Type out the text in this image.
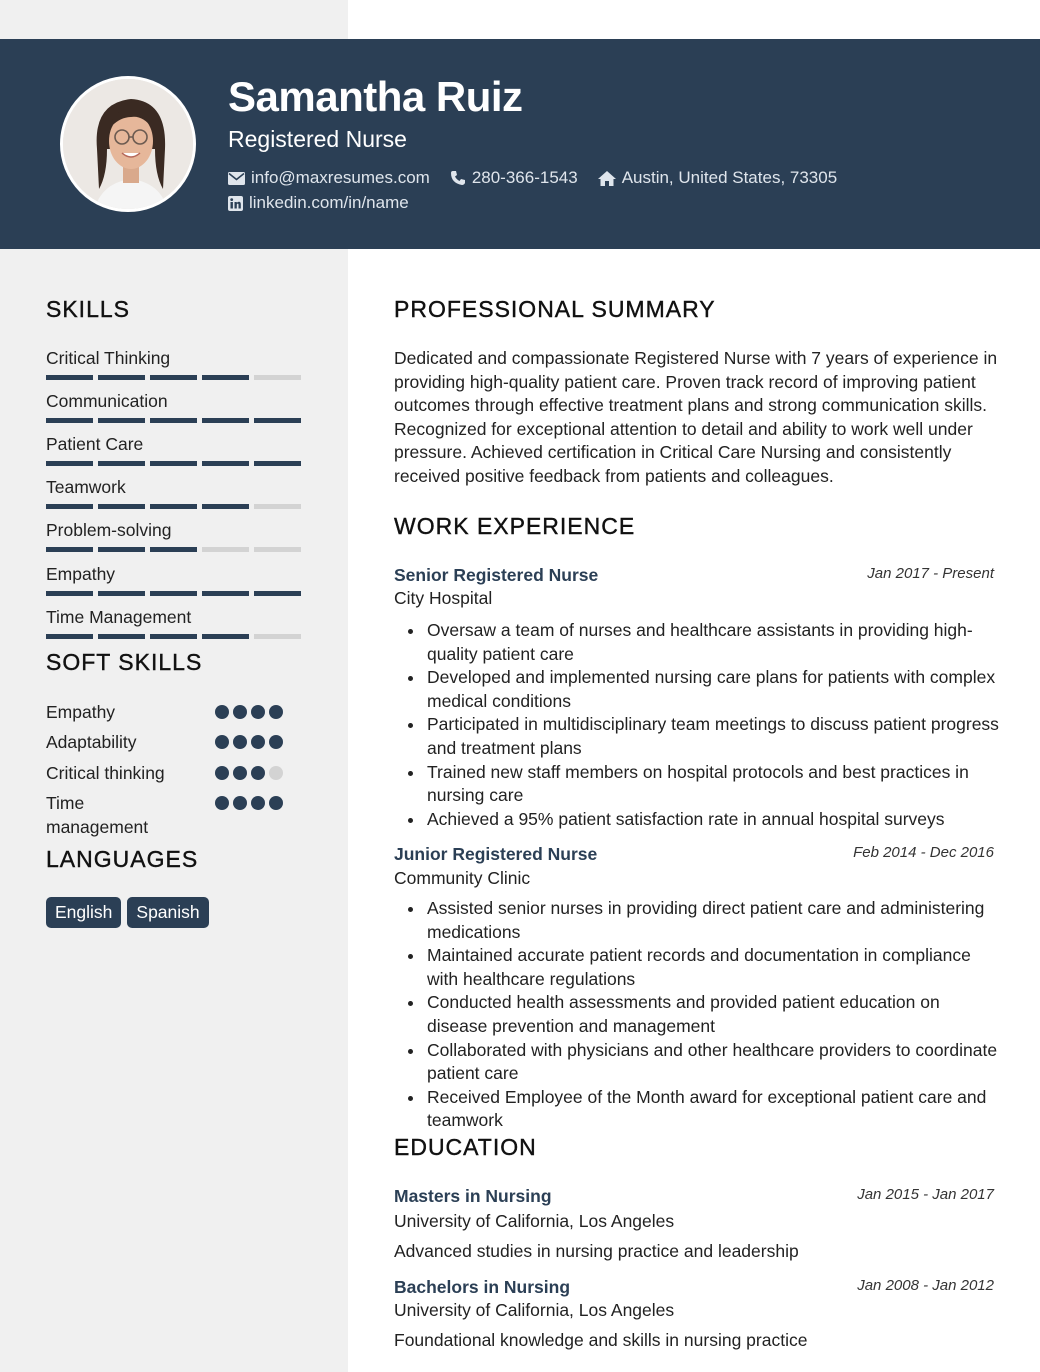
Samantha Ruiz
Registered Nurse
info@maxresumes.com 280-366-1543	Austin, United States, 73305
linkedin.com/in/name
SKILLS
Critical Thinking
Communication
Patient Care
Teamwork
Problem-solving
Empathy
Time Management
SOFT SKILLS
Empathy
Adaptability
Critical thinking
Time management
LANGUAGES
English	Spanish
PROFESSIONAL SUMMARY
Dedicated and compassionate Registered Nurse with 7 years of experience in providing high-quality patient care. Proven track record of improving patient outcomes through effective treatment plans and strong communication skills. Recognized for exceptional attention to detail and ability to work well under pressure. Achieved certification in Critical Care Nursing and consistently received positive feedback from patients and colleagues.
WORK EXPERIENCE
Senior Registered Nurse	Jan 2017 - Present
City Hospital
Oversaw a team of nurses and healthcare assistants in providing high-quality patient care
Developed and implemented nursing care plans for patients with complex medical conditions
Participated in multidisciplinary team meetings to discuss patient progress and treatment plans
Trained new staff members on hospital protocols and best practices in nursing care
Achieved a 95% patient satisfaction rate in annual hospital surveys
Junior Registered Nurse	Feb 2014 - Dec 2016
Community Clinic
Assisted senior nurses in providing direct patient care and administering medications
Maintained accurate patient records and documentation in compliance with healthcare regulations
Conducted health assessments and provided patient education on disease prevention and management
Collaborated with physicians and other healthcare providers to coordinate patient care
Received Employee of the Month award for exceptional patient care and teamwork
EDUCATION
Masters in Nursing	Jan 2015 - Jan 2017
University of California, Los Angeles
Advanced studies in nursing practice and leadership
Bachelors in Nursing	Jan 2008 - Jan 2012
University of California, Los Angeles
Foundational knowledge and skills in nursing practice
